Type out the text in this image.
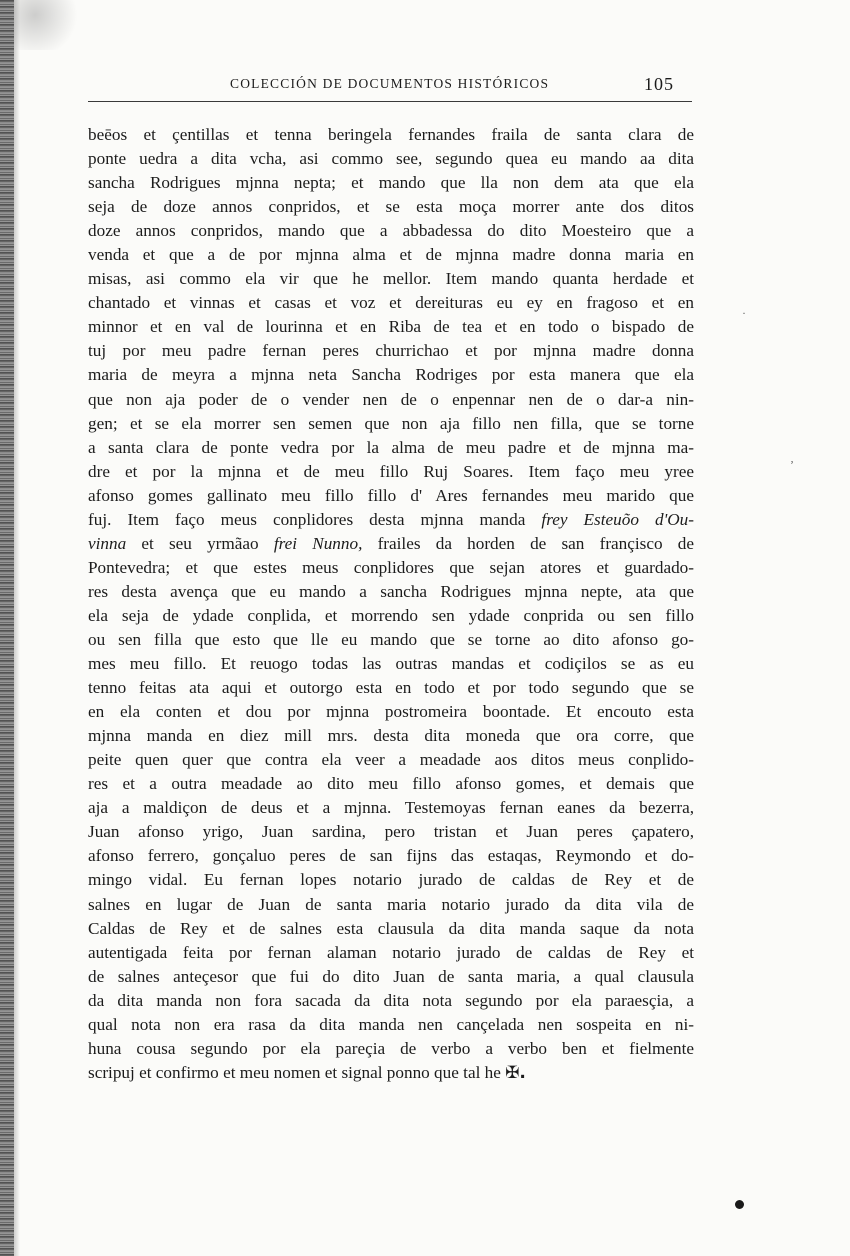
COLECCIÓN DE DOCUMENTOS HISTÓRICOS	105
beēos et çentillas et tenna beringela fernandes fraila de santa clara de
ponte uedra a dita vcha, asi commo see, segundo quea eu mando aa dita
sancha Rodrigues mjnna nepta; et mando que lla non dem ata que ela
seja de doze annos conpridos, et se esta moça morrer ante dos ditos
doze annos conpridos, mando que a abbadessa do dito Moesteiro que a
venda et que a de por mjnna alma et de mjnna madre donna maria en
misas, asi commo ela vir que he mellor. Item mando quanta herdade et
chantado et vinnas et casas et voz et dereituras eu ey en fragoso et en
minnor et en val de lourinna et en Riba de tea et en todo o bispado de
tuj por meu padre fernan peres churrichao et por mjnna madre donna
maria de meyra a mjnna neta Sancha Rodriges por esta manera que ela
que non aja poder de o vender nen de o enpennar nen de o dar-a nin-
gen; et se ela morrer sen semen que non aja fillo nen filla, que se torne
a santa clara de ponte vedra por la alma de meu padre et de mjnna ma-
dre et por la mjnna et de meu fillo Ruj Soares. Item faço meu yree
afonso gomes gallinato meu fillo fillo d' Ares fernandes meu marido que
fuj. Item faço meus conplidores desta mjnna manda frey Esteuõo d'Ou-
vinna et seu yrmãao frei Nunno, frailes da horden de san françisco de
Pontevedra; et que estes meus conplidores que sejan atores et guardado-
res desta avença que eu mando a sancha Rodrigues mjnna nepte, ata que
ela seja de ydade conplida, et morrendo sen ydade conprida ou sen fillo
ou sen filla que esto que lle eu mando que se torne ao dito afonso go-
mes meu fillo. Et reuogo todas las outras mandas et codiçilos se as eu
tenno feitas ata aqui et outorgo esta en todo et por todo segundo que se
en ela conten et dou por mjnna postromeira boontade. Et encouto esta
mjnna manda en diez mill mrs. desta dita moneda que ora corre, que
peite quen quer que contra ela veer a meadade aos ditos meus conplido-
res et a outra meadade ao dito meu fillo afonso gomes, et demais que
aja a maldiçon de deus et a mjnna. Testemoyas fernan eanes da bezerra,
Juan afonso yrigo, Juan sardina, pero tristan et Juan peres çapatero,
afonso ferrero, gonçaluo peres de san fijns das estaqas, Reymondo et do-
mingo vidal. Eu fernan lopes notario jurado de caldas de Rey et de
salnes en lugar de Juan de santa maria notario jurado da dita vila de
Caldas de Rey et de salnes esta clausula da dita manda saque da nota
autentigada feita por fernan alaman notario jurado de caldas de Rey et
de salnes anteçesor que fui do dito Juan de santa maria, a qual clausula
da dita manda non fora sacada da dita nota segundo por ela paraesçia, a
qual nota non era rasa da dita manda nen cançelada nen sospeita en ni-
huna cousa segundo por ela pareçia de verbo a verbo ben et fielmente
scripuj et confirmo et meu nomen et signal ponno que tal he ✠.
·
ʼ
